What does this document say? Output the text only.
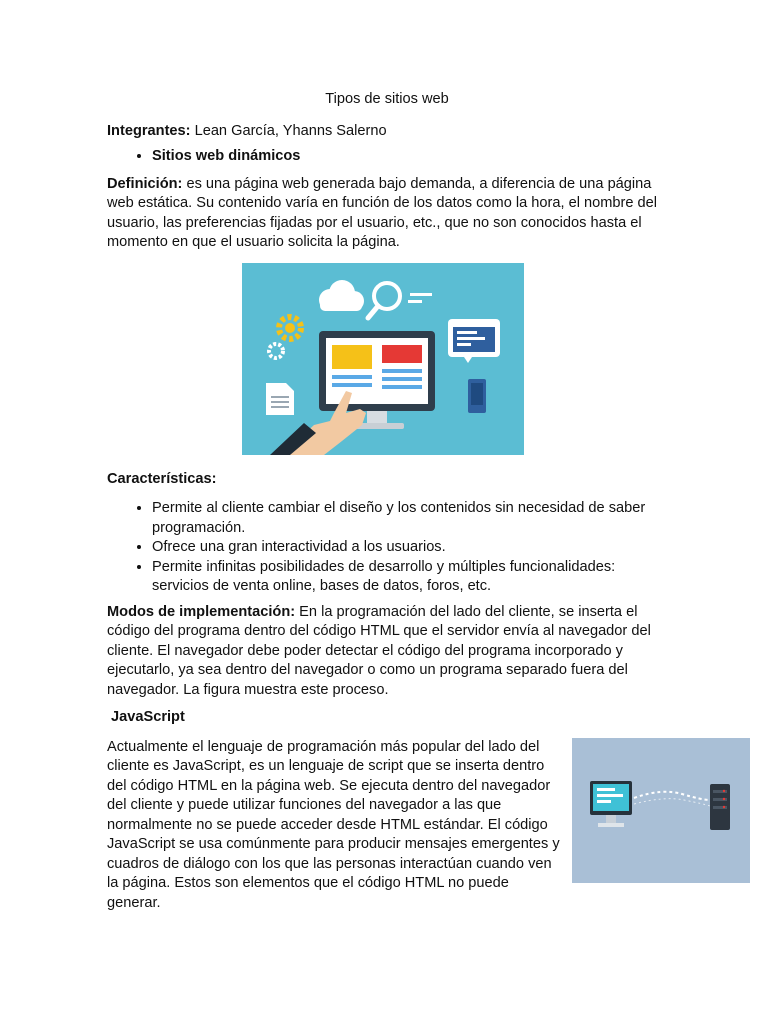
Tipos de sitios web

Integrantes: Lean García, Yhanns Salerno

• Sitios web dinámicos

Definición: es una página web generada bajo demanda, a diferencia de una página web estática. Su contenido varía en función de los datos como la hora, el nombre del usuario, las preferencias fijadas por el usuario, etc., que no son conocidos hasta el momento en que el usuario solicita la página.

Características:

• Permite al cliente cambiar el diseño y los contenidos sin necesidad de saber programación.
• Ofrece una gran interactividad a los usuarios.
• Permite infinitas posibilidades de desarrollo y múltiples funcionalidades: servicios de venta online, bases de datos, foros, etc.

Modos de implementación: En la programación del lado del cliente, se inserta el código del programa dentro del código HTML que el servidor envía al navegador del cliente. El navegador debe poder detectar el código del programa incorporado y ejecutarlo, ya sea dentro del navegador o como un programa separado fuera del navegador. La figura muestra este proceso.

JavaScript

Actualmente el lenguaje de programación más popular del lado del cliente es JavaScript, es un lenguaje de script que se inserta dentro del código HTML en la página web. Se ejecuta dentro del navegador del cliente y puede utilizar funciones del navegador a las que normalmente no se puede acceder desde HTML estándar. El código JavaScript se usa comúnmente para producir mensajes emergentes y cuadros de diálogo con los que las personas interactúan cuando ven la página. Estos son elementos que el código HTML no puede generar.
